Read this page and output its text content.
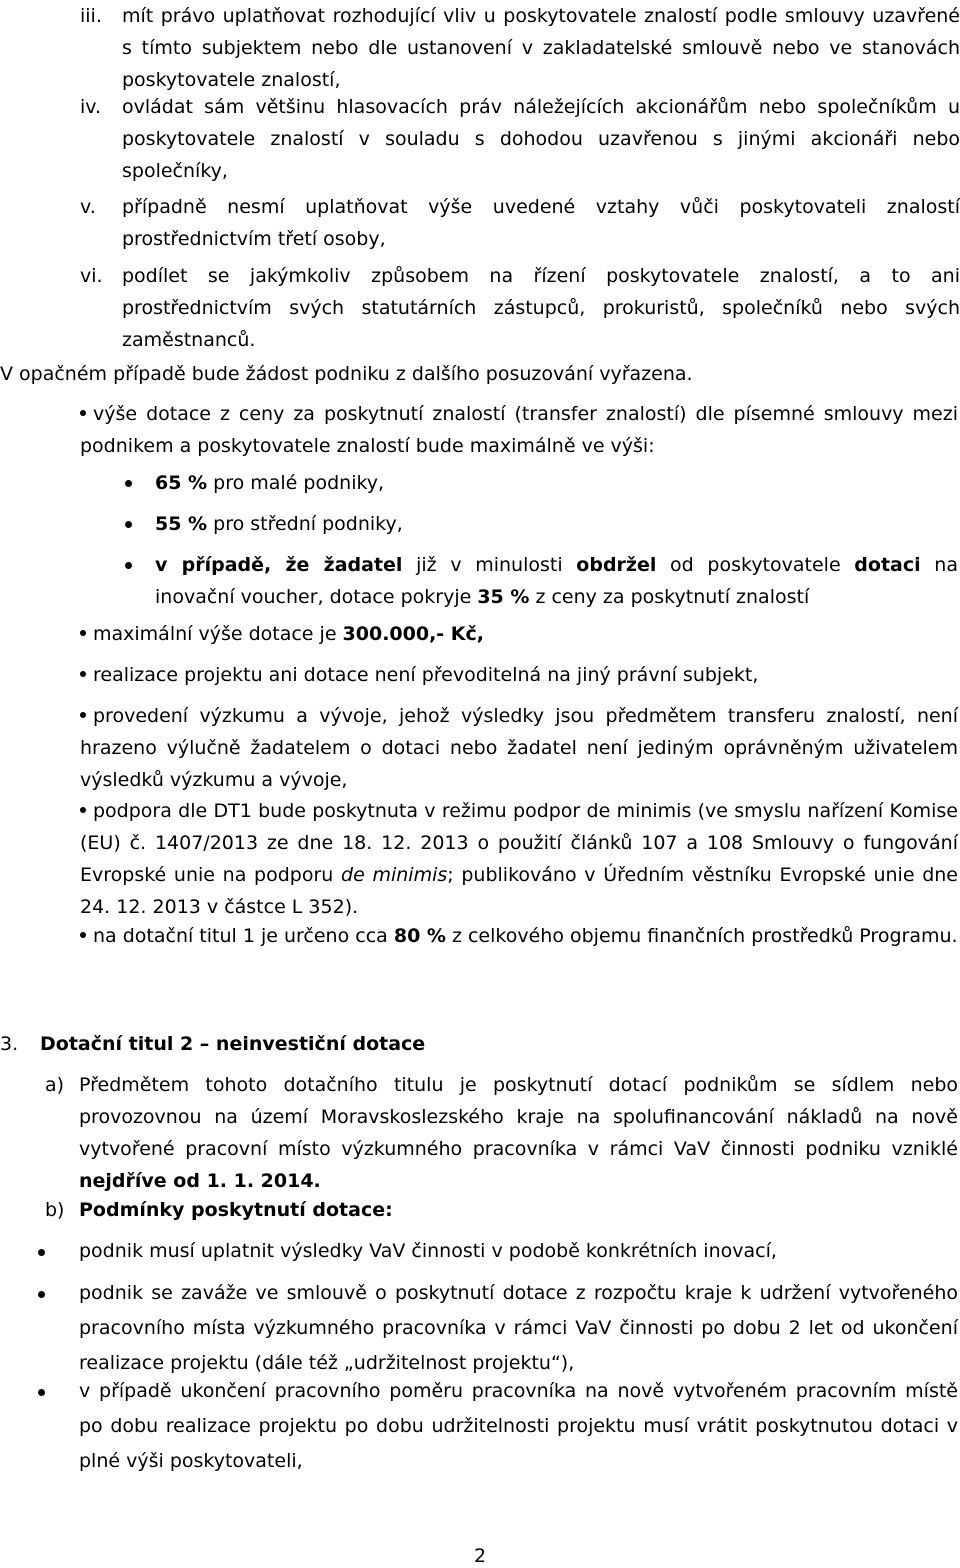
iii. mít právo uplatňovat rozhodující vliv u poskytovatele znalostí podle smlouvy uzavřené s tímto subjektem nebo dle ustanovení v zakladatelské smlouvě nebo ve stanovách poskytovatele znalostí,
iv. ovládat sám většinu hlasovacích práv náležejících akcionářům nebo společníkům u poskytovatele znalostí v souladu s dohodou uzavřenou s jinými akcionáři nebo společníky,
v. případně nesmí uplatňovat výše uvedené vztahy vůči poskytovateli znalostí prostřednictvím třetí osoby,
vi. podílet se jakýmkoliv způsobem na řízení poskytovatele znalostí, a to ani prostřednictvím svých statutárních zástupců, prokuristů, společníků nebo svých zaměstnanců.
V opačném případě bude žádost podniku z dalšího posuzování vyřazena.
výše dotace z ceny za poskytnutí znalostí (transfer znalostí) dle písemné smlouvy mezi podnikem a poskytovatele znalostí bude maximálně ve výši:
65 % pro malé podniky,
55 % pro střední podniky,
v případě, že žadatel již v minulosti obdržel od poskytovatele dotaci na inovační voucher, dotace pokryje 35 % z ceny za poskytnutí znalostí
maximální výše dotace je 300.000,- Kč,
realizace projektu ani dotace není převoditelná na jiný právní subjekt,
provedení výzkumu a vývoje, jehož výsledky jsou předmětem transferu znalostí, není hrazeno výlučně žadatelem o dotaci nebo žadatel není jediným oprávněným uživatelem výsledků výzkumu a vývoje,
podpora dle DT1 bude poskytnuta v režimu podpor de minimis (ve smyslu nařízení Komise (EU) č. 1407/2013 ze dne 18. 12. 2013 o použití článků 107 a 108 Smlouvy o fungování Evropské unie na podporu de minimis; publikováno v Úředním věstníku Evropské unie dne 24. 12. 2013 v částce L 352).
na dotační titul 1 je určeno cca 80 % z celkového objemu finančních prostředků Programu.
3. Dotační titul 2 – neinvestiční dotace
a) Předmětem tohoto dotačního titulu je poskytnutí dotací podnikům se sídlem nebo provozovnou na území Moravskoslezského kraje na spolufinancování nákladů na nově vytvořené pracovní místo výzkumného pracovníka v rámci VaV činnosti podniku vzniklé nejdříve od 1. 1. 2014.
b) Podmínky poskytnutí dotace:
podnik musí uplatnit výsledky VaV činnosti v podobě konkrétních inovací,
podnik se zaváže ve smlouvě o poskytnutí dotace z rozpočtu kraje k udržení vytvořeného pracovního místa výzkumného pracovníka v rámci VaV činnosti po dobu 2 let od ukončení realizace projektu (dále též „udržitelnost projektu“),
v případě ukončení pracovního poměru pracovníka na nově vytvořeném pracovním místě po dobu realizace projektu po dobu udržitelnosti projektu musí vrátit poskytnutou dotaci v plné výši poskytovateli,
2
